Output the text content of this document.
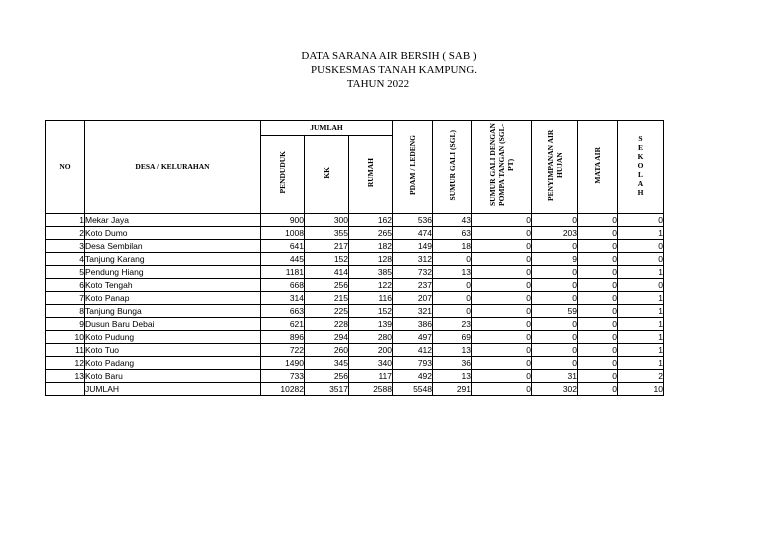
DATA SARANA AIR BERSIH ( SAB )
PUSKESMAS TANAH KAMPUNG.
TAHUN 2022
NO	DESA / KELURAHAN	JUMLAH			PDAM / LEDENG	SUMUR GALI (SGL)	SUMUR GALI DENGAN POMPA TANGAN (SGL-PT)	PENYIMPANAN AIR HUJAN	MATA AIR	SEKOLAH
		PENDUDUK	KK	RUMAH						
1	Mekar Jaya	900	300	162	536	43	0	0	0	0
2	Koto Dumo	1008	355	265	474	63	0	203	0	1
3	Desa Sembilan	641	217	182	149	18	0	0	0	0
4	Tanjung Karang	445	152	128	312	0	0	9	0	0
5	Pendung Hiang	1181	414	385	732	13	0	0	0	1
6	Koto Tengah	668	256	122	237	0	0	0	0	0
7	Koto Panap	314	215	116	207	0	0	0	0	1
8	Tanjung Bunga	663	225	152	321	0	0	59	0	1
9	Dusun Baru Debai	621	228	139	386	23	0	0	0	1
10	Koto Pudung	896	294	280	497	69	0	0	0	1
11	Koto Tuo	722	260	200	412	13	0	0	0	1
12	Koto Padang	1490	345	340	793	36	0	0	0	1
13	Koto Baru	733	256	117	492	13	0	31	0	2
	JUMLAH	10282	3517	2588	5548	291	0	302	0	10
